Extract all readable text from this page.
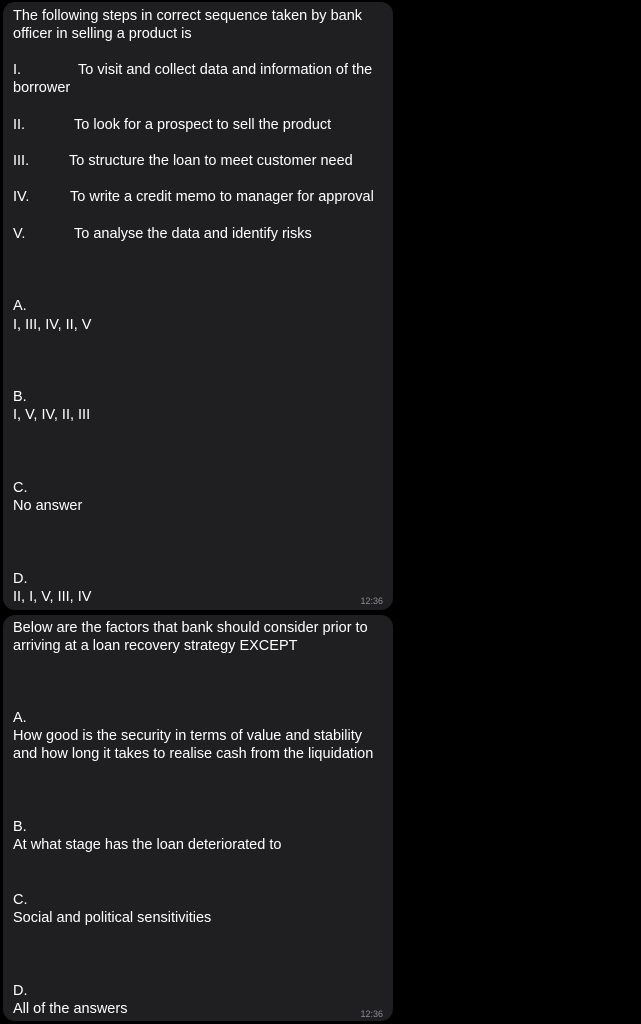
The following steps in correct sequence taken by bank
officer in selling a product is
I.	To visit and collect data and information of the
borrower
II.	To look for a prospect to sell the product
III.	To structure the loan to meet customer need
IV.	To write a credit memo to manager for approval
V.	To analyse the data and identify risks
A.
I, III, IV, II, V
B.
I, V, IV, II, III
C.
No answer
D.
II, I, V, III, IV	12:36
Below are the factors that bank should consider prior to
arriving at a loan recovery strategy EXCEPT
A.
How good is the security in terms of value and stability
and how long it takes to realise cash from the liquidation
B.
At what stage has the loan deteriorated to
C.
Social and political sensitivities
D.
All of the answers	12:36
